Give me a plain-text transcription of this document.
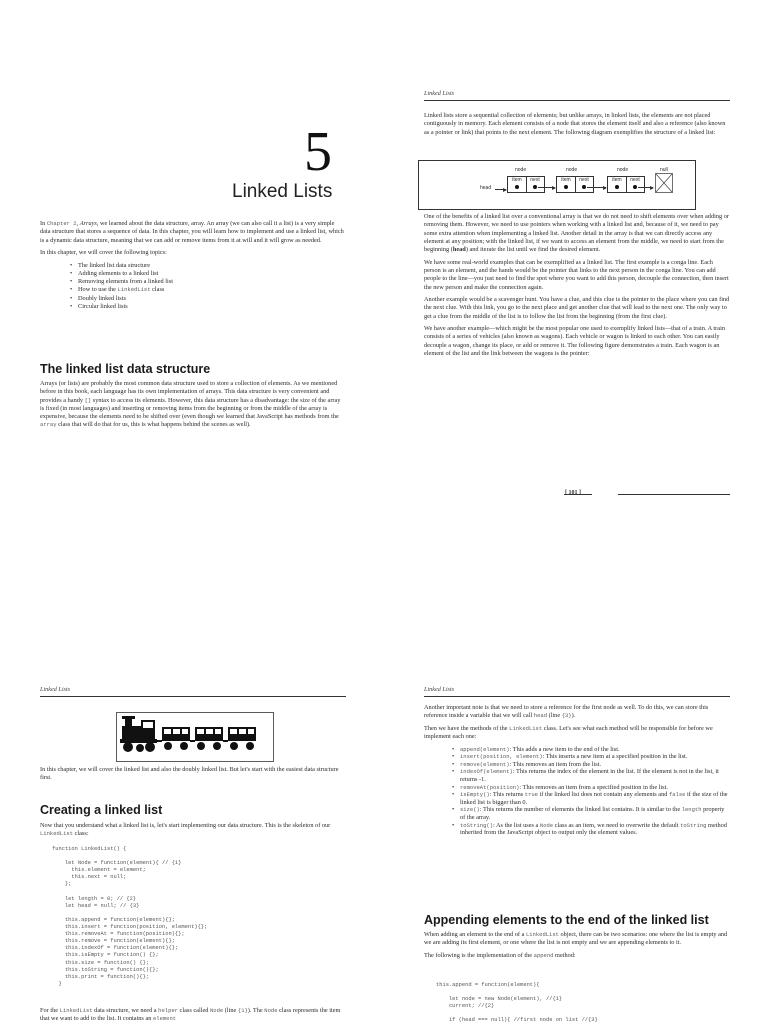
5
Linked Lists

In Chapter 2, Arrays, we learned about the data structure, array. An array (we can also call it a list) is a very simple data structure that stores a sequence of data. In this chapter, you will learn how to implement and use a linked list, which is a dynamic data structure, meaning that we can add or remove items from it at will and it will grow as needed.

In this chapter, we will cover the following topics:

• The linked list data structure
• Adding elements to a linked list
• Removing elements from a linked list
• How to use the LinkedList class
• Doubly linked lists
• Circular linked lists
The linked list data structure

Arrays (or lists) are probably the most common data structure used to store a collection of elements. As we mentioned before in this book, each language has its own implementation of arrays. This data structure is very convenient and provides a handy [] syntax to access its elements. However, this data structure has a disadvantage: the size of the array is fixed (in most languages) and inserting or removing items from the beginning or from the middle of the array is expensive, because the elements need to be shifted over (even though we learned that JavaScript has methods from the array class that will do that for us, this is what happens behind the scenes as well).

Linked Lists

Linked lists store a sequential collection of elements; but unlike arrays, in linked lists, the elements are not placed contiguously in memory. Each element consists of a node that stores the element itself and also a reference (also known as a pointer or link) that points to the next element. The following diagram exemplifies the structure of a linked list:

One of the benefits of a linked list over a conventional array is that we do not need to shift elements over when adding or removing them. However, we need to use pointers when working with a linked list and, because of it, we need to pay some extra attention when implementing a linked list. Another detail in the array is that we can directly access any element at any position; with the linked list, if we want to access an element from the middle, we need to start from the beginning (head) and iterate the list until we find the desired element.

We have some real-world examples that can be exemplified as a linked list. The first example is a conga line. Each person is an element, and the hands would be the pointer that links to the next person in the conga line. You can add people to the line—you just need to find the spot where you want to add this person, decouple the connection, then insert the new person and make the connection again.

Another example would be a scavenger hunt. You have a clue, and this clue is the pointer to the place where you can find the next clue. With this link, you go to the next place and get another clue that will lead to the next one. The only way to get a clue from the middle of the list is to follow the list from the beginning (from the first clue).

We have another example—which might be the most popular one used to exemplify linked lists—that of a train. A train consists of a series of vehicles (also known as wagons). Each vehicle or wagon is linked to each other. You can easily decouple a wagon, change its place, or add or remove it. The following figure demonstrates a train. Each wagon is an element of the list and the link between the wagons is the pointer:

[ 101 ]
node	node	node	null
head
item	next	item	next	item	next
Linked Lists

In this chapter, we will cover the linked list and also the doubly linked list. But let's start with the easiest data structure first.

Creating a linked list

Now that you understand what a linked list is, let's start implementing our data structure. This is the skeleton of our LinkedList class:

function LinkedList() {

let Node = function(element){ // {1}
this.element = element;
this.next = null;
};

let length = 0; // {2}
let head = null; // {3}

this.append = function(element){};
this.insert = function(position, element){};
this.removeAt = function(position){};
this.remove = function(element){};
this.indexOf = function(element){};
this.isEmpty = function() {};
this.size = function() {};
this.toString = function(){};
this.print = function(){};
}

For the LinkedList data structure, we need a helper class called Node (line {1}). The Node class represents the item that we want to add to the list. It contains an element

Linked Lists

Another important note is that we need to store a reference for the first node as well. To do this, we can store this reference inside a variable that we will call head (line {3}).

Then we have the methods of the LinkedList class. Let's see what each method will be responsible for before we implement each one:

• append(element): This adds a new item to the end of the list.
• insert(position, element): This inserts a new item at a specified position in the list.
• remove(element): This removes an item from the list.
• indexOf(element): This returns the index of the element in the list. If the element is not in the list, it returns -1.
• removeAt(position): This removes an item from a specified position in the list.
• isEmpty(): This returns true if the linked list does not contain any elements and false if the size of the linked list is bigger than 0.
• size(): This returns the number of elements the linked list contains. It is similar to the length property of the array.
• toString(): As the list uses a Node class as an item, we need to overwrite the default toString method inherited from the JavaScript object to output only the element values.
Appending elements to the end of the linked list

When adding an element to the end of a LinkedList object, there can be two scenarios: one where the list is empty and we are adding its first element, or one where the list is not empty and we are appending elements to it.

The following is the implementation of the append method:

this.append = function(element){

let node = new Node(element), //{1}
current; //{2}

if (head === null){ //first node on list //{3}
